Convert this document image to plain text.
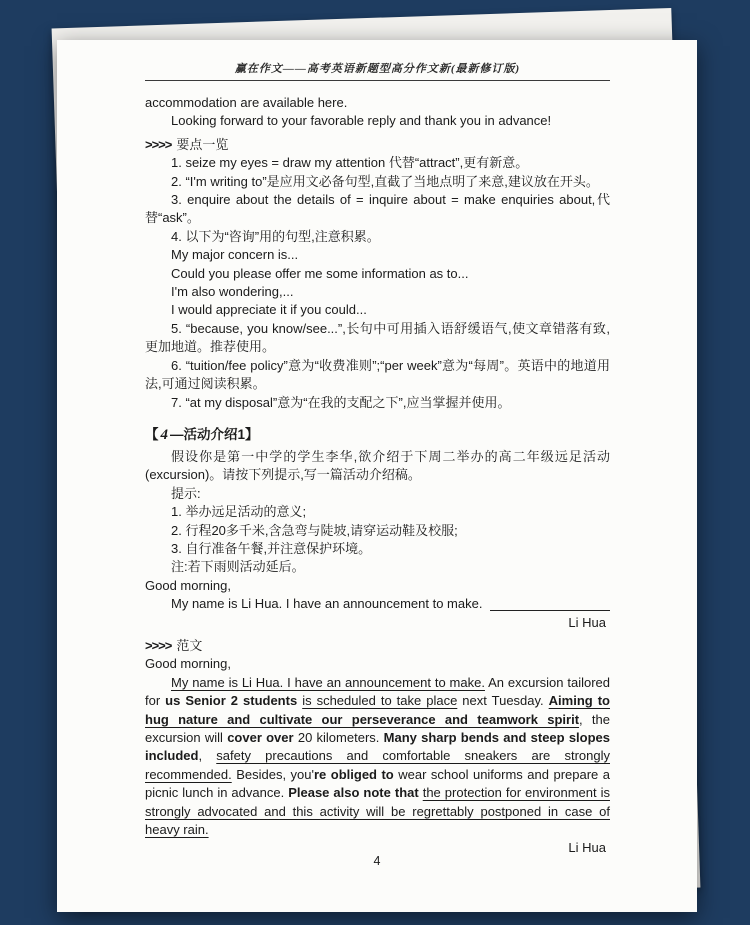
赢在作文——高考英语新题型高分作文新(最新修订版)

accommodation are available here.

Looking forward to your favorable reply and thank you in advance!

>>>> 要点一览

1. seize my eyes = draw my attention 代替“attract”,更有新意。

2. “I'm writing to”是应用文必备句型,直截了当地点明了来意,建议放在开头。

3. enquire about the details of = inquire about = make enquiries about,代替“ask”。

4. 以下为“咨询”用的句型,注意积累。

My major concern is...

Could you please offer me some information as to...

I'm also wondering,...

I would appreciate it if you could...

5. “because, you know/see...”,长句中可用插入语舒缓语气,使文章错落有致,更加地道。推荐使用。

6. “tuition/fee policy”意为“收费准则”;“per week”意为“每周”。英语中的地道用法,可通过阅读积累。

7. “at my disposal”意为“在我的支配之下”,应当掌握并使用。

【 4 —活动介绍1】

假设你是第一中学的学生李华,欲介绍于下周二举办的高二年级远足活动(excursion)。请按下列提示,写一篇活动介绍稿。

提示:

1. 举办远足活动的意义;

2. 行程20多千米,含急弯与陡坡,请穿运动鞋及校服;

3. 自行准备午餐,并注意保护环境。

注:若下雨则活动延后。

Good morning,

My name is Li Hua. I have an announcement to make.

Li Hua

>>>> 范文

Good morning,

My name is Li Hua. I have an announcement to make. An excursion tailored for us Senior 2 students is scheduled to take place next Tuesday. Aiming to hug nature and cultivate our perseverance and teamwork spirit, the excursion will cover over 20 kilometers. Many sharp bends and steep slopes included, safety precautions and comfortable sneakers are strongly recommended. Besides, you're obliged to wear school uniforms and prepare a picnic lunch in advance. Please also note that the protection for environment is strongly advocated and this activity will be regrettably postponed in case of heavy rain.

Li Hua

4
